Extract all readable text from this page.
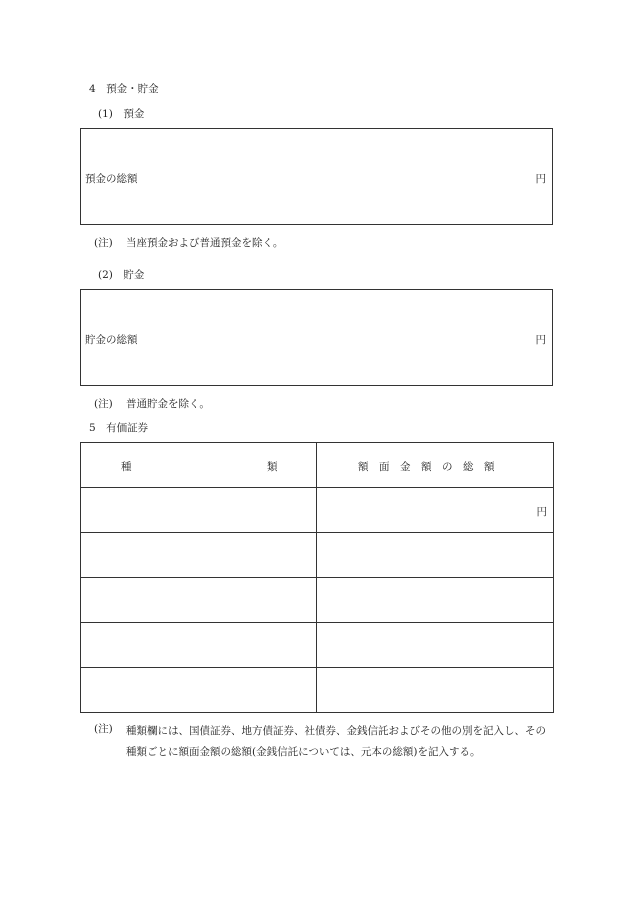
4　預金・貯金
(1)　預金
預金の総額	円
(注) 当座預金および普通預金を除く。
(2)　貯金
貯金の総額	円
(注) 普通貯金を除く。
5　有価証券
種 類	額　面　金　額　の　総　額

	円

(注) 種類欄には、国債証券、地方債証券、社債券、金銭信託およびその他の別を記入し、その種類ごとに額面金額の総額(金銭信託については、元本の総額)を記入する。
